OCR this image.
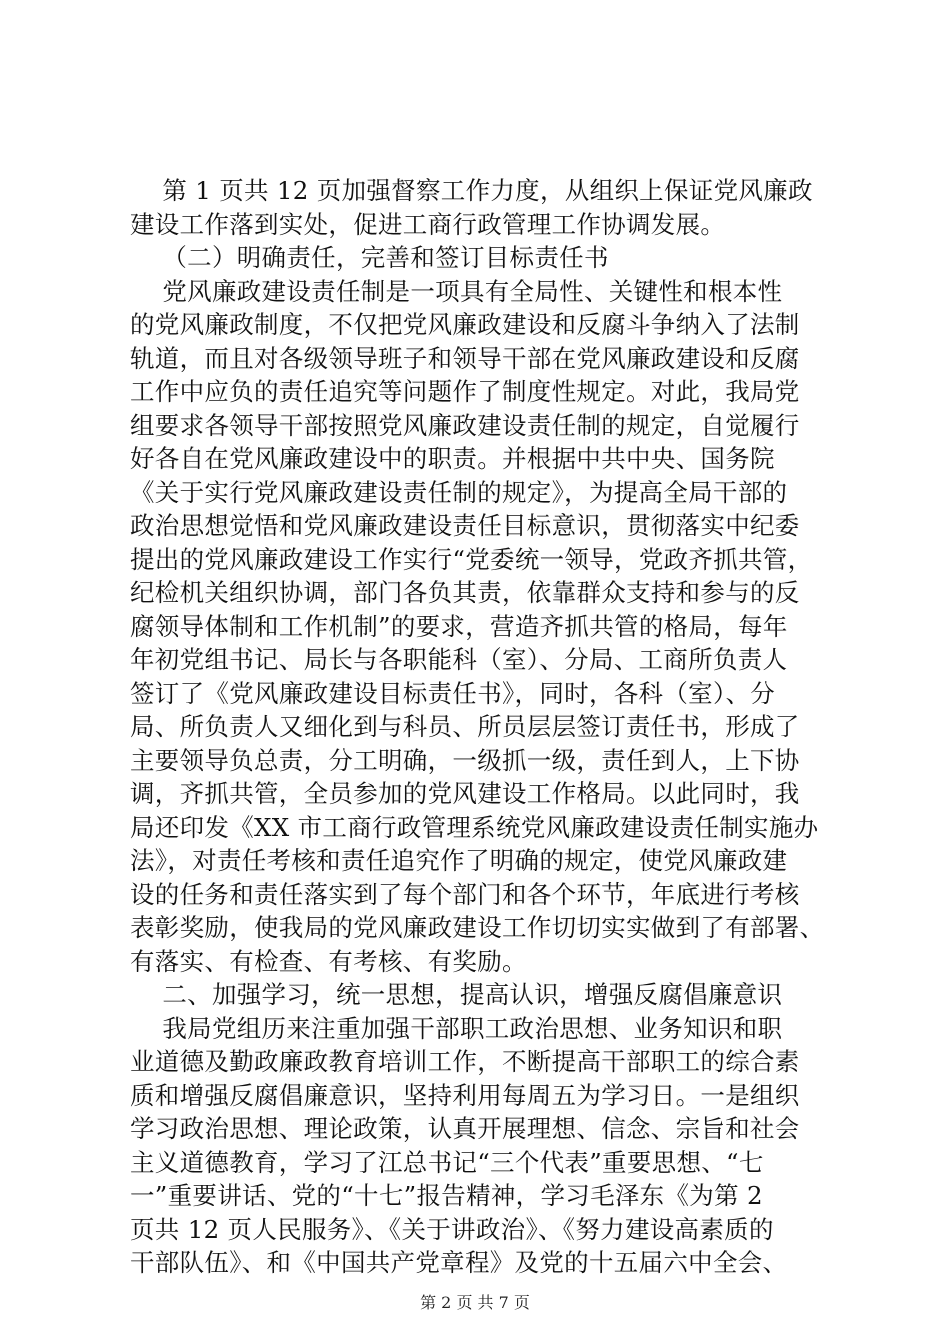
第 1 页共 12 页加强督察工作力度，从组织上保证党风廉政
建设工作落到实处，促进工商行政管理工作协调发展。
（二）明确责任，完善和签订目标责任书
党风廉政建设责任制是一项具有全局性、关键性和根本性
的党风廉政制度，不仅把党风廉政建设和反腐斗争纳入了法制
轨道，而且对各级领导班子和领导干部在党风廉政建设和反腐
工作中应负的责任追究等问题作了制度性规定。对此，我局党
组要求各领导干部按照党风廉政建设责任制的规定，自觉履行
好各自在党风廉政建设中的职责。并根据中共中央、国务院
《关于实行党风廉政建设责任制的规定》，为提高全局干部的
政治思想觉悟和党风廉政建设责任目标意识，贯彻落实中纪委
提出的党风廉政建设工作实行“党委统一领导，党政齐抓共管，
纪检机关组织协调，部门各负其责，依靠群众支持和参与的反
腐领导体制和工作机制”的要求，营造齐抓共管的格局，每年
年初党组书记、局长与各职能科（室）、分局、工商所负责人
签订了《党风廉政建设目标责任书》，同时，各科（室）、分
局、所负责人又细化到与科员、所员层层签订责任书，形成了
主要领导负总责，分工明确，一级抓一级，责任到人，上下协
调，齐抓共管，全员参加的党风建设工作格局。以此同时，我
局还印发《XX 市工商行政管理系统党风廉政建设责任制实施办
法》，对责任考核和责任追究作了明确的规定，使党风廉政建
设的任务和责任落实到了每个部门和各个环节，年底进行考核
表彰奖励，使我局的党风廉政建设工作切切实实做到了有部署、
有落实、有检查、有考核、有奖励。
二、加强学习，统一思想，提高认识，增强反腐倡廉意识
我局党组历来注重加强干部职工政治思想、业务知识和职
业道德及勤政廉政教育培训工作，不断提高干部职工的综合素
质和增强反腐倡廉意识，坚持利用每周五为学习日。一是组织
学习政治思想、理论政策，认真开展理想、信念、宗旨和社会
主义道德教育，学习了江总书记“三个代表”重要思想、“七
一”重要讲话、党的“十七”报告精神，学习毛泽东《为第 2
页共 12 页人民服务》、《关于讲政治》、《努力建设高素质的
干部队伍》、和《中国共产党章程》及党的十五届六中全会、
第 2 页 共 7 页
